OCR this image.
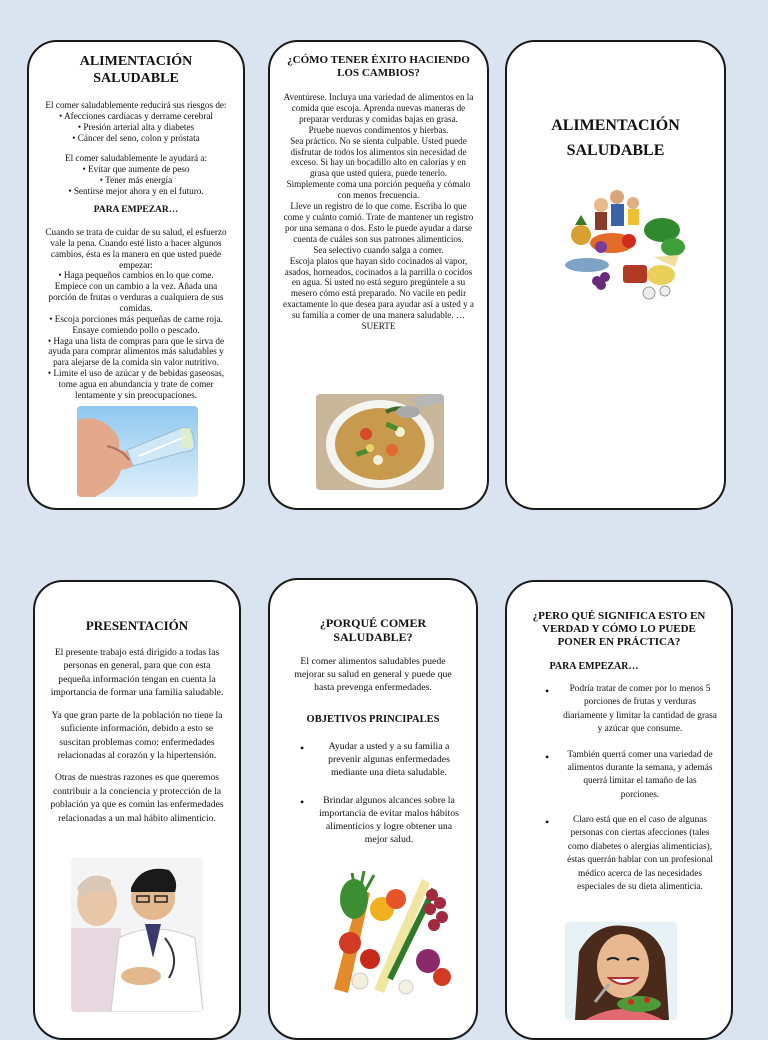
ALIMENTACIÓN SALUDABLE
El comer saludablemente reducirá sus riesgos de:
• Afecciones cardíacas y derrame cerebral
• Presión arterial alta y diabetes
• Cáncer del seno, colon y próstata
El comer saludablemente le ayudará a:
• Evitar que aumente de peso
• Tener más energía
• Sentirse mejor ahora y en el futuro.
PARA EMPEZAR…
Cuando se trata de cuidar de su salud, el esfuerzo vale la pena. Cuando esté listo a hacer algunos cambios, ésta es la manera en que usted puede empezar:
• Haga pequeños cambios en lo que come. Empiece con un cambio a la vez. Añada una porción de frutas o verduras a cualquiera de sus comidas.
• Escoja porciones más pequeñas de carne roja. Ensaye comiendo pollo o pescado.
• Haga una lista de compras para que le sirva de ayuda para comprar alimentos más saludables y para alejarse de la comida sin valor nutritivo.
• Limite el uso de azúcar y de bebidas gaseosas, tome agua en abundancia y trate de comer lentamente y sin preocupaciones.
¿CÓMO TENER ÉXITO HACIENDO LOS CAMBIOS?
Aventúrese. Incluya una variedad de alimentos en la comida que escoja. Aprenda nuevas maneras de preparar verduras y comidas bajas en grasa.
Pruebe nuevos condimentos y hierbas.
Sea práctico. No se sienta culpable. Usted puede disfrutar de todos los alimentos sin necesidad de exceso. Si hay un bocadillo alto en calorías y en grasa que usted quiera, puede tenerlo.
Simplemente coma una porción pequeña y cómalo con menos frecuencia.
Lleve un registro de lo que come. Escriba lo que come y cuánto comió. Trate de mantener un registro por una semana o dos. Esto le puede ayudar a darse cuenta de cuáles son sus patrones alimenticios.
Sea selectivo cuando salga a comer.
Escoja platos que hayan sido cocinados al vapor, asados, horneados, cocinados a la parrilla o cocidos en agua. Si usted no está seguro pregúntele a su mesero cómo está preparado. No vacile en pedir exactamente lo que desea para ayudar así a usted y a su familia a comer de una manera saludable. …SUERTE
ALIMENTACIÓN SALUDABLE
PRESENTACIÓN

El presente trabajo está dirigido a todas las personas en general, para que con esta pequeña información tengan en cuenta la importancia de formar una familia saludable.

Ya que gran parte de la población no tiene la suficiente información, debido a esto se suscitan problemas como: enfermedades relacionadas al corazón y la hipertensión.

Otras de nuestras razones es que queremos contribuir a la conciencia y protección de la población ya que es común las enfermedades relacionadas a un mal hábito alimenticio.

¿PORQUÉ COMER SALUDABLE?
El comer alimentos saludables puede mejorar su salud en general y puede que hasta prevenga enfermedades.
OBJETIVOS PRINCIPALES
• Ayudar a usted y a su familia a prevenir algunas enfermedades mediante una dieta saludable.
• Brindar algunos alcances sobre la importancia de evitar malos hábitos alimenticios y logre obtener una mejor salud.
¿PERO QUÉ SIGNIFICA ESTO EN VERDAD Y CÓMO LO PUEDE PONER EN PRÁCTICA?
PARA EMPEZAR…
• Podría tratar de comer por lo menos 5 porciones de frutas y verduras diariamente y limitar la cantidad de grasa y azúcar que consume.
• También querrá comer una variedad de alimentos durante la semana, y además querrá limitar el tamaño de las porciones.
• Claro está que en el caso de algunas personas con ciertas afecciones (tales como diabetes o alergias alimenticias), éstas querrán hablar con un profesional médico acerca de las necesidades especiales de su dieta alimenticia.
